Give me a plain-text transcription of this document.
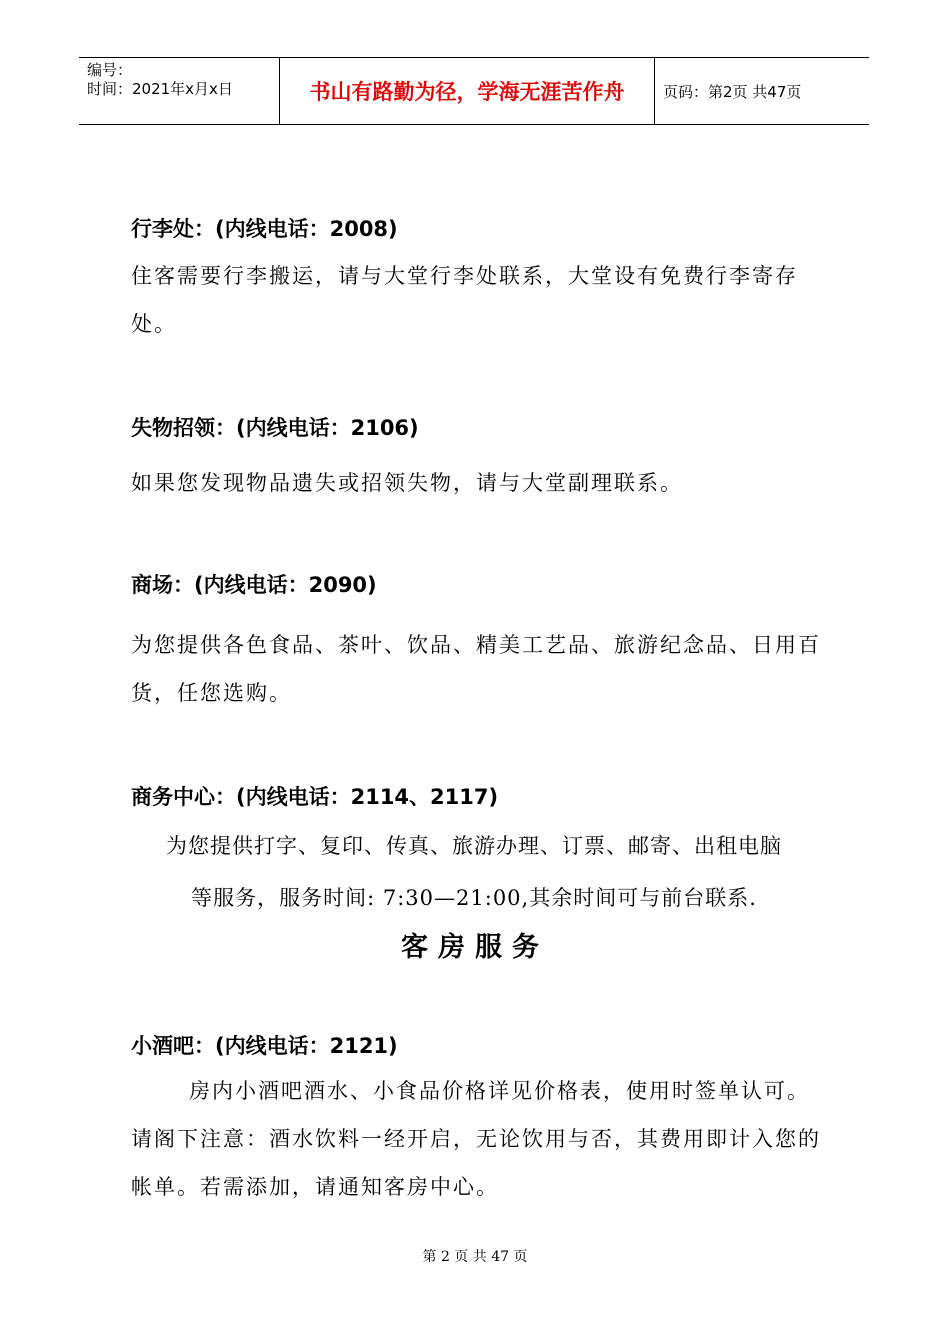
编号：
时间：2021年x月x日	书山有路勤为径，学海无涯苦作舟	页码：第2页 共47页
行李处：(内线电话：2008)
住客需要行李搬运，请与大堂行李处联系，大堂设有免费行李寄存处。
失物招领：(内线电话：2106)
如果您发现物品遗失或招领失物，请与大堂副理联系。
商场：(内线电话：2090)
为您提供各色食品、茶叶、饮品、精美工艺品、旅游纪念品、日用百货，任您选购。
商务中心：(内线电话：2114、2117)
为您提供打字、复印、传真、旅游办理、订票、邮寄、出租电脑
等服务，服务时间: 7:30—21:00,其余时间可与前台联系.
客房服务
小酒吧：(内线电话：2121)
房内小酒吧酒水、小食品价格详见价格表，使用时签单认可。请阁下注意：酒水饮料一经开启，无论饮用与否，其费用即计入您的帐单。若需添加，请通知客房中心。
第 2 页 共 47 页
